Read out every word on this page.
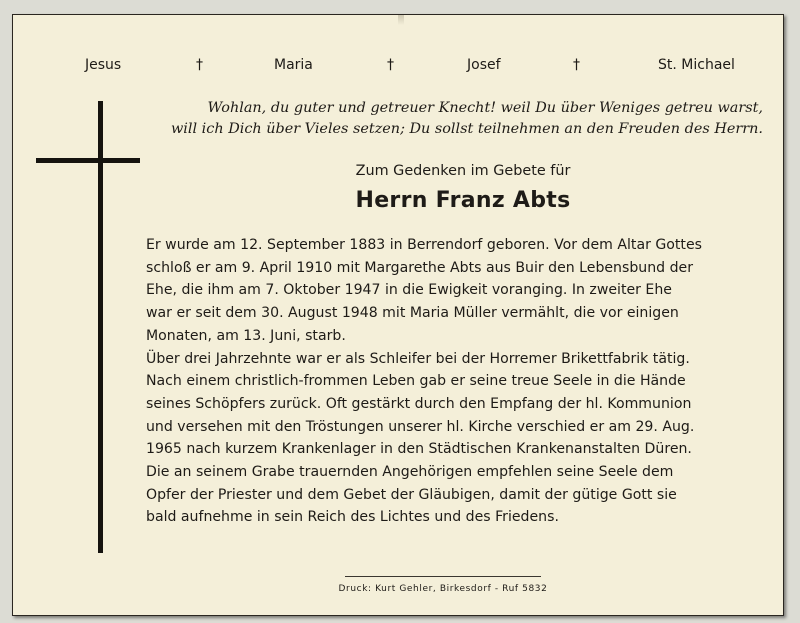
Jesus	†	Maria	†	Josef	†	St. Michael

Wohlan, du guter und getreuer Knecht! weil Du über Weniges getreu warst,
will ich Dich über Vieles setzen; Du sollst teilnehmen an den Freuden des Herrn.

Zum Gedenken im Gebete für

Herrn Franz Abts

Er wurde am 12. September 1883 in Berrendorf geboren. Vor dem Altar Gottes
schloß er am 9. April 1910 mit Margarethe Abts aus Buir den Lebensbund der
Ehe, die ihm am 7. Oktober 1947 in die Ewigkeit voranging. In zweiter Ehe
war er seit dem 30. August 1948 mit Maria Müller vermählt, die vor einigen
Monaten, am 13. Juni, starb.
Über drei Jahrzehnte war er als Schleifer bei der Horremer Brikettfabrik tätig.
Nach einem christlich-frommen Leben gab er seine treue Seele in die Hände
seines Schöpfers zurück. Oft gestärkt durch den Empfang der hl. Kommunion
und versehen mit den Tröstungen unserer hl. Kirche verschied er am 29. Aug.
1965 nach kurzem Krankenlager in den Städtischen Krankenanstalten Düren.
Die an seinem Grabe trauernden Angehörigen empfehlen seine Seele dem
Opfer der Priester und dem Gebet der Gläubigen, damit der gütige Gott sie
bald aufnehme in sein Reich des Lichtes und des Friedens.

Druck: Kurt Gehler, Birkesdorf - Ruf 5832
